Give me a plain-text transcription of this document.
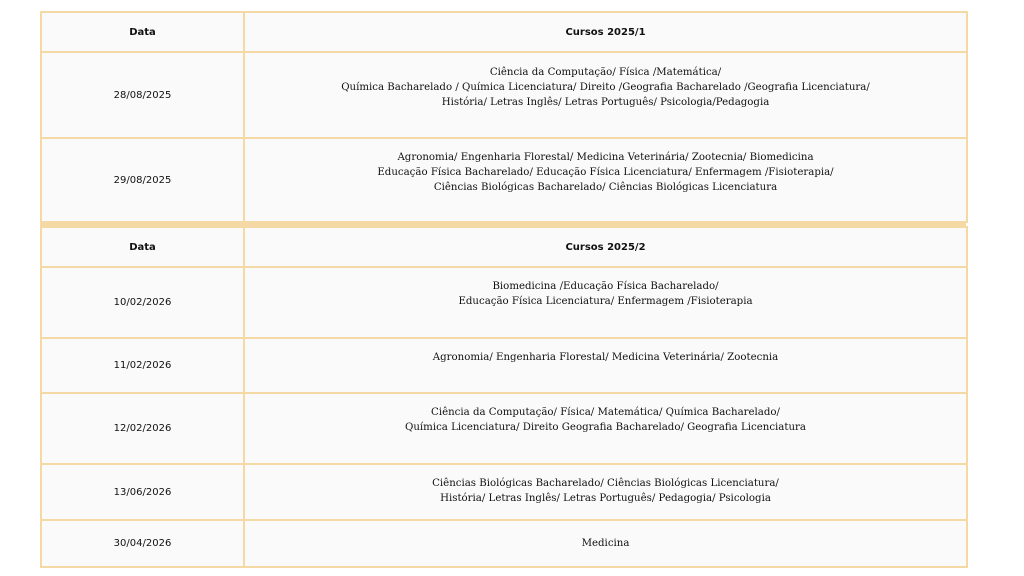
Data	Cursos 2025/1
28/08/2025	Ciência da Computação/ Física /Matemática/
Química Bacharelado / Química Licenciatura/ Direito /Geografia Bacharelado /Geografia Licenciatura/
História/ Letras Inglês/ Letras Português/ Psicologia/Pedagogia
29/08/2025	Agronomia/ Engenharia Florestal/ Medicina Veterinária/ Zootecnia/ Biomedicina
Educação Física Bacharelado/ Educação Física Licenciatura/ Enfermagem /Fisioterapia/
Ciências Biológicas Bacharelado/ Ciências Biológicas Licenciatura

Data	Cursos 2025/2
10/02/2026	Biomedicina /Educação Física Bacharelado/
Educação Física Licenciatura/ Enfermagem /Fisioterapia
11/02/2026	Agronomia/ Engenharia Florestal/ Medicina Veterinária/ Zootecnia
12/02/2026	Ciência da Computação/ Física/ Matemática/ Química Bacharelado/
Química Licenciatura/ Direito Geografia Bacharelado/ Geografia Licenciatura
13/06/2026	Ciências Biológicas Bacharelado/ Ciências Biológicas Licenciatura/
História/ Letras Inglês/ Letras Português/ Pedagogia/ Psicologia
30/04/2026	Medicina
